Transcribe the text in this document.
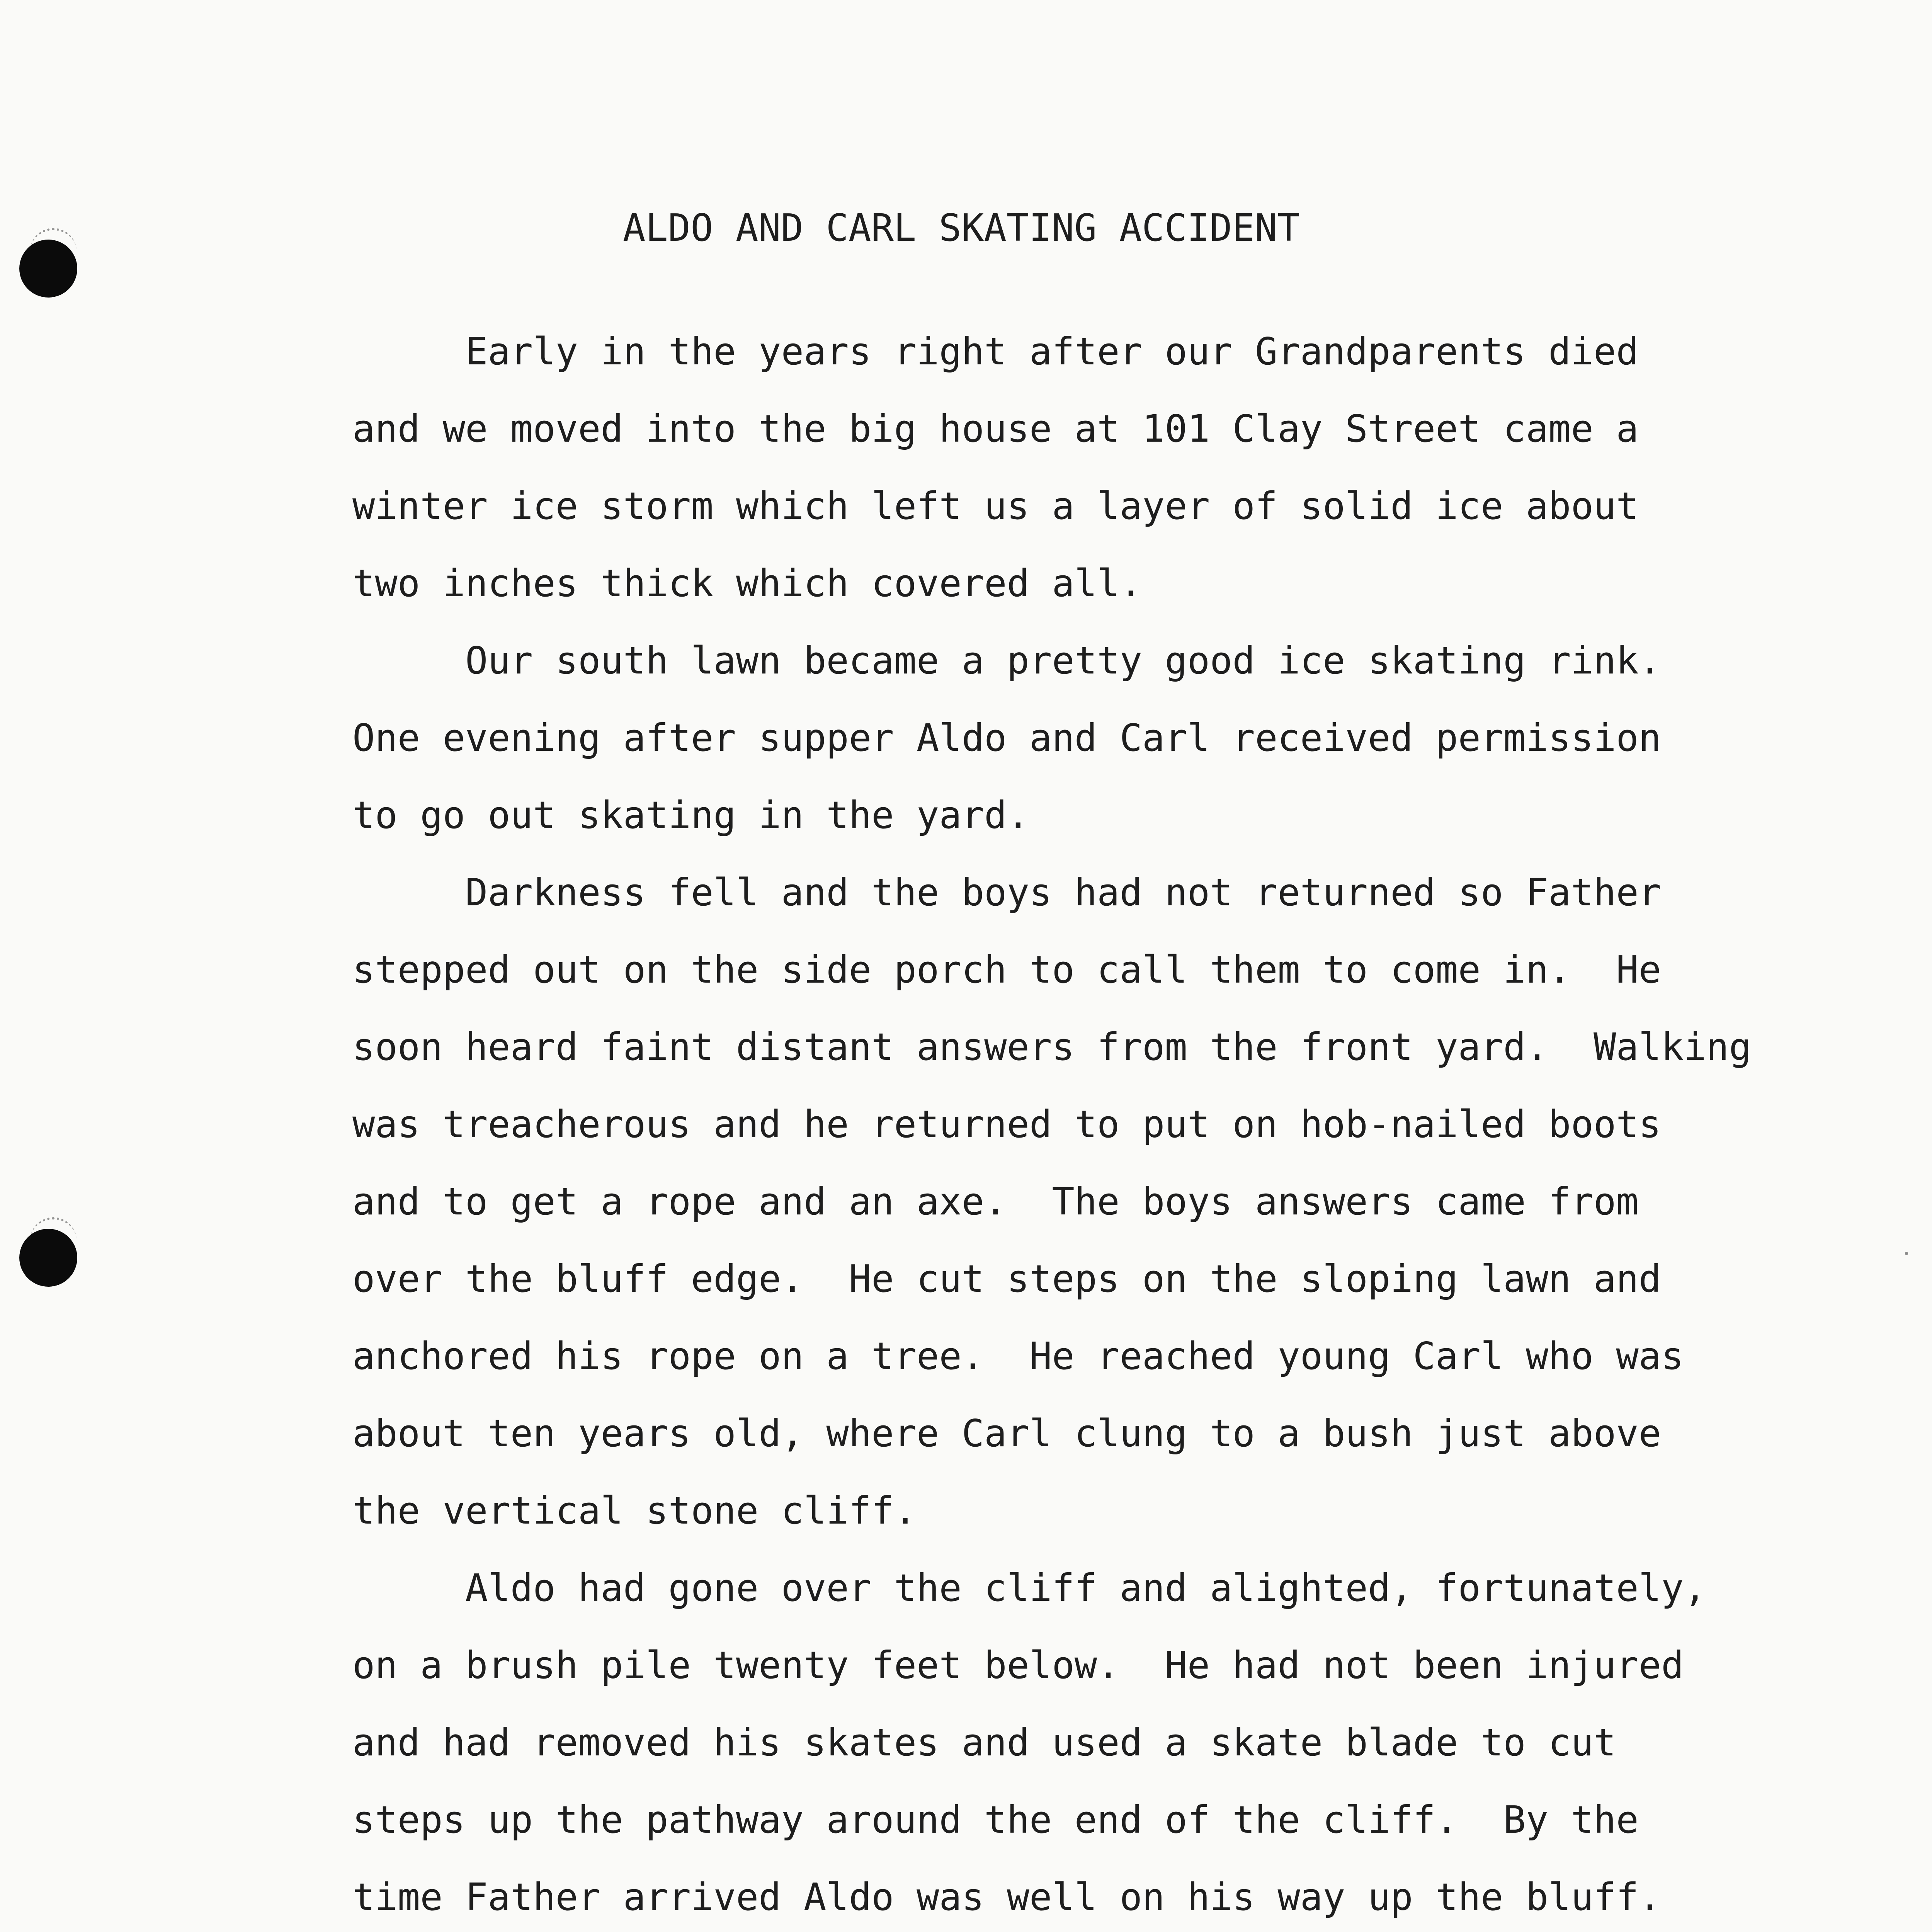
ALDO AND CARL SKATING ACCIDENT
Early in the years right after our Grandparents died
and we moved into the big house at 101 Clay Street came a
winter ice storm which left us a layer of solid ice about
two inches thick which covered all.
Our south lawn became a pretty good ice skating rink.
One evening after supper Aldo and Carl received permission
to go out skating in the yard.
Darkness fell and the boys had not returned so Father
stepped out on the side porch to call them to come in.  He
soon heard faint distant answers from the front yard.  Walking
was treacherous and he returned to put on hob-nailed boots
and to get a rope and an axe.  The boys answers came from
over the bluff edge.  He cut steps on the sloping lawn and
anchored his rope on a tree.  He reached young Carl who was
about ten years old, where Carl clung to a bush just above
the vertical stone cliff.
Aldo had gone over the cliff and alighted, fortunately,
on a brush pile twenty feet below.  He had not been injured
and had removed his skates and used a skate blade to cut
steps up the pathway around the end of the cliff.  By the
time Father arrived Aldo was well on his way up the bluff.
